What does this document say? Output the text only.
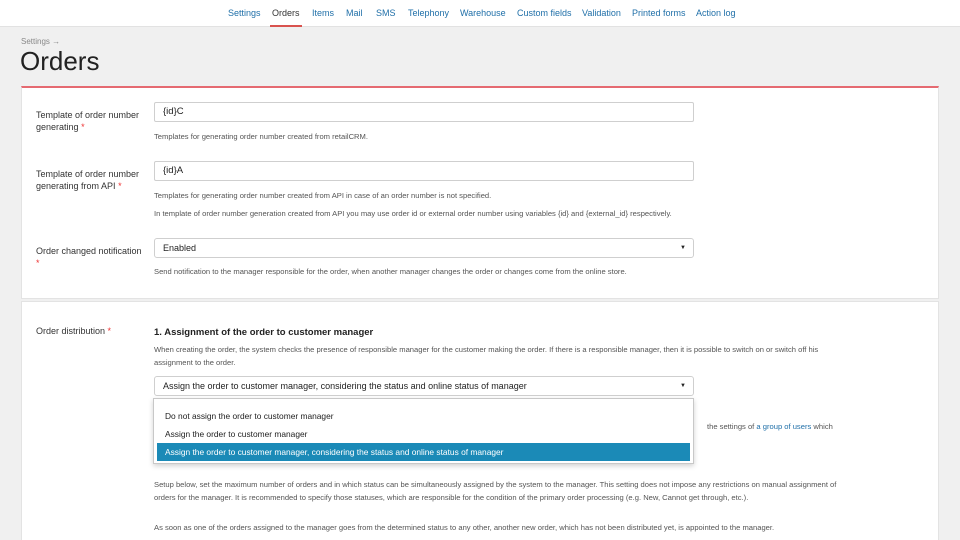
Settings Orders Items Mail SMS Telephony Warehouse Custom fields Validation Printed forms Action log
Settings →
Orders
Template of order number generating *
{id}C
Templates for generating order number created from retailCRM.
Template of order number generating from API *
{id}A
Templates for generating order number created from API in case of an order number is not specified.
In template of order number generation created from API you may use order id or external order number using variables {id} and {external_id} respectively.
Order changed notification *
Enabled	▼
Send notification to the manager responsible for the order, when another manager changes the order or changes come from the online store.
Order distribution *	1. Assignment of the order to customer manager
When creating the order, the system checks the presence of responsible manager for the customer making the order. If there is a responsible manager, then it is possible to switch on or switch off his assignment to the order.
Assign the order to customer manager, considering the status and online status of manager	▼
the settings of a group of users which
Setup below, set the maximum number of orders and in which status can be simultaneously assigned by the system to the manager. This setting does not impose any restrictions on manual assignment of orders for the manager. It is recommended to specify those statuses, which are responsible for the condition of the primary order processing (e.g. New, Cannot get through, etc.).
As soon as one of the orders assigned to the manager goes from the determined status to any other, another new order, which has not been distributed yet, is appointed to the manager.
Do not assign the order to customer manager
Assign the order to customer manager
Assign the order to customer manager, considering the status and online status of manager
